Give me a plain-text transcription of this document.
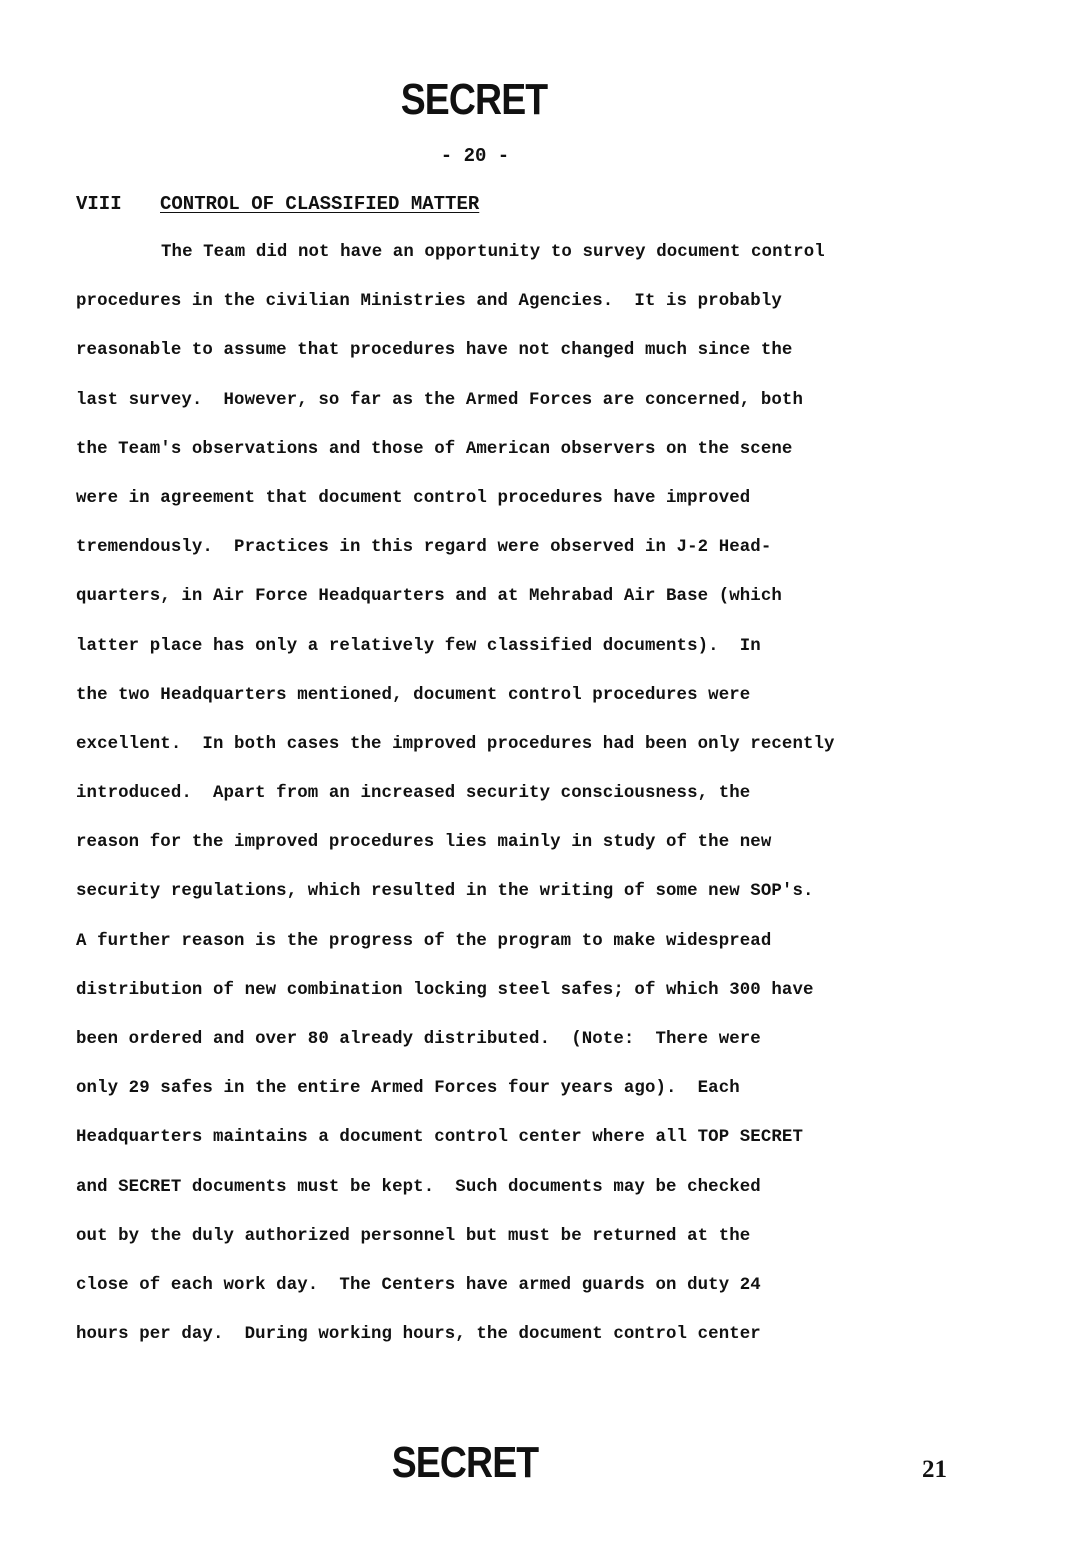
SECRET
- 20 -
VIII CONTROL OF CLASSIFIED MATTER
The Team did not have an opportunity to survey document control
procedures in the civilian Ministries and Agencies.  It is probably
reasonable to assume that procedures have not changed much since the
last survey.  However, so far as the Armed Forces are concerned, both
the Team's observations and those of American observers on the scene
were in agreement that document control procedures have improved
tremendously.  Practices in this regard were observed in J-2 Head-
quarters, in Air Force Headquarters and at Mehrabad Air Base (which
latter place has only a relatively few classified documents).  In
the two Headquarters mentioned, document control procedures were
excellent.  In both cases the improved procedures had been only recently
introduced.  Apart from an increased security consciousness, the
reason for the improved procedures lies mainly in study of the new
security regulations, which resulted in the writing of some new SOP's.
A further reason is the progress of the program to make widespread
distribution of new combination locking steel safes; of which 300 have
been ordered and over 80 already distributed.  (Note:  There were
only 29 safes in the entire Armed Forces four years ago).  Each
Headquarters maintains a document control center where all TOP SECRET
and SECRET documents must be kept.  Such documents may be checked
out by the duly authorized personnel but must be returned at the
close of each work day.  The Centers have armed guards on duty 24
hours per day.  During working hours, the document control center
SECRET	21
